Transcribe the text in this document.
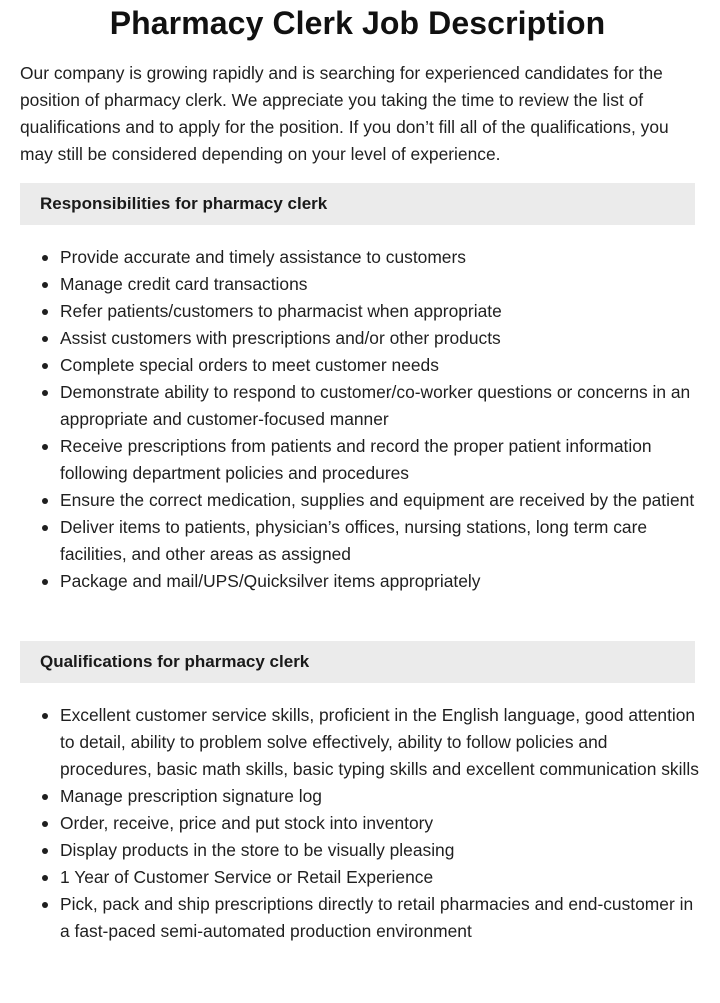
Pharmacy Clerk Job Description

Our company is growing rapidly and is searching for experienced candidates for the position of pharmacy clerk. We appreciate you taking the time to review the list of qualifications and to apply for the position. If you don’t fill all of the qualifications, you may still be considered depending on your level of experience.

Responsibilities for pharmacy clerk
Provide accurate and timely assistance to customers
Manage credit card transactions
Refer patients/customers to pharmacist when appropriate
Assist customers with prescriptions and/or other products
Complete special orders to meet customer needs
Demonstrate ability to respond to customer/co-worker questions or concerns in an appropriate and customer-focused manner
Receive prescriptions from patients and record the proper patient information following department policies and procedures
Ensure the correct medication, supplies and equipment are received by the patient
Deliver items to patients, physician’s offices, nursing stations, long term care facilities, and other areas as assigned
Package and mail/UPS/Quicksilver items appropriately
Qualifications for pharmacy clerk
Excellent customer service skills, proficient in the English language, good attention to detail, ability to problem solve effectively, ability to follow policies and procedures, basic math skills, basic typing skills and excellent communication skills
Manage prescription signature log
Order, receive, price and put stock into inventory
Display products in the store to be visually pleasing
1 Year of Customer Service or Retail Experience
Pick, pack and ship prescriptions directly to retail pharmacies and end-customer in a fast-paced semi-automated production environment
